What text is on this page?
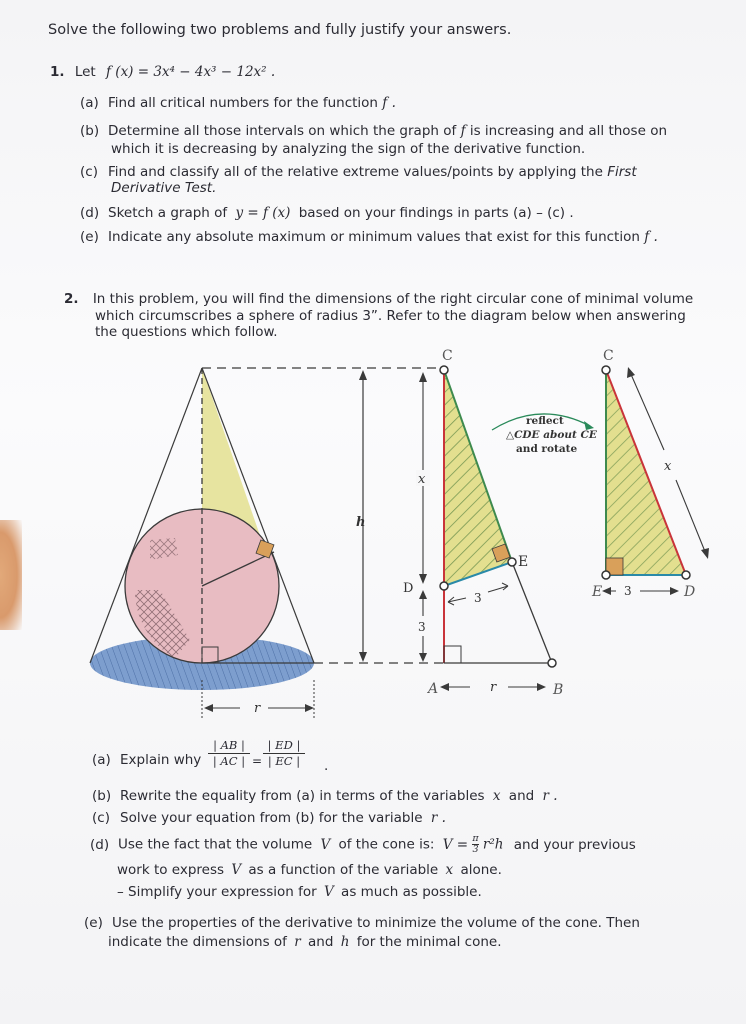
Solve the following two problems and fully justify your answers.
1. Let f (x) = 3x⁴ − 4x³ − 12x² .
(a) Find all critical numbers for the function f .
(b) Determine all those intervals on which the graph of f is increasing and all those on
which it is decreasing by analyzing the sign of the derivative function.
(c) Find and classify all of the relative extreme values/points by applying the First
Derivative Test.
(d) Sketch a graph of y = f (x) based on your findings in parts (a) – (c) .
(e) Indicate any absolute maximum or minimum values that exist for this function f .
2. In this problem, you will find the dimensions of the right circular cone of minimal volume
which circumscribes a sphere of radius 3”. Refer to the diagram below when answering
the questions which follow.
r
h
C
x
D
E
3
3
A	r	B
reflect
△CDE about CE
and rotate
C
x
E 3	D
(a) Explain why $\frac{| AB |}{| AC |} = \frac{| ED |}{| EC |}$ .
(b) Rewrite the equality from (a) in terms of the variables x and r .
(c) Solve your equation from (b) for the variable r .
(d) Use the fact that the volume V of the cone is: $V = \frac{\pi}{3} r^2h$ and your previous
work to express V as a function of the variable x alone.
– Simplify your expression for V as much as possible.
(e) Use the properties of the derivative to minimize the volume of the cone. Then
indicate the dimensions of r and h for the minimal cone.
